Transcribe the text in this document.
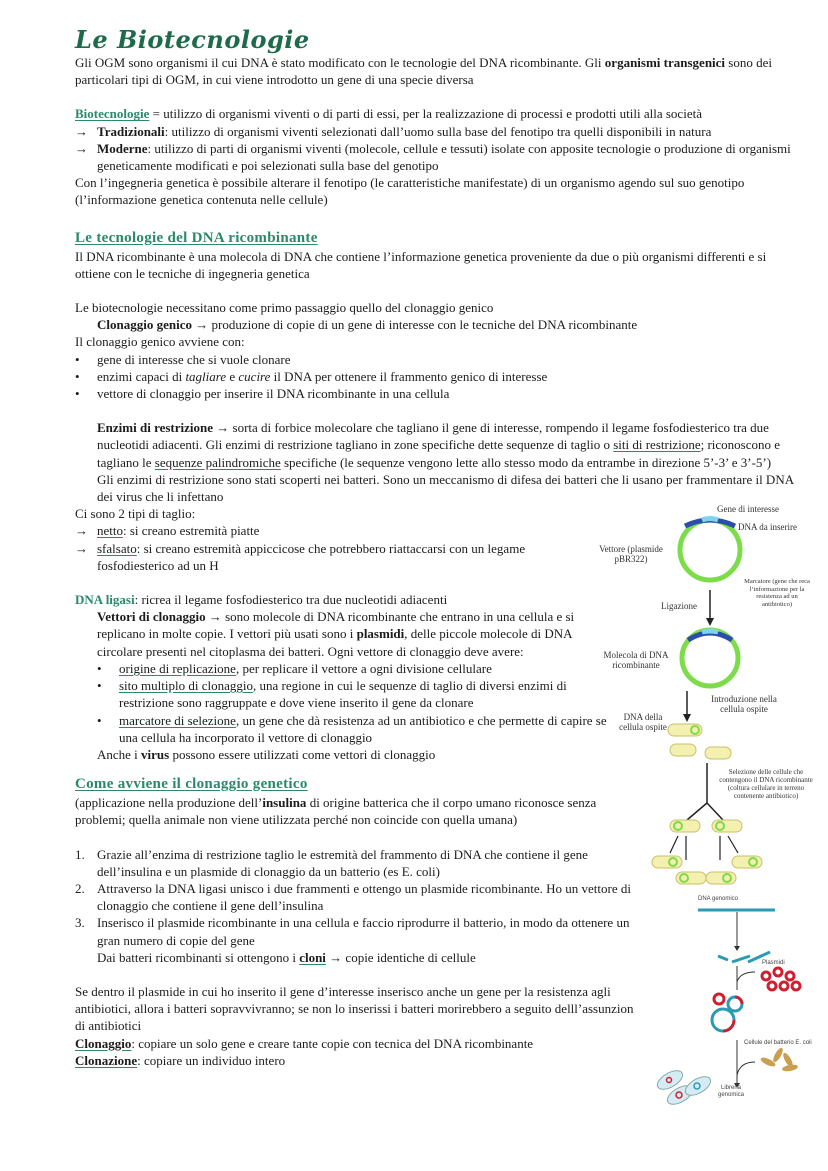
Le Biotecnologie

Gli OGM sono organismi il cui DNA è stato modificato con le tecnologie del DNA ricombinante. Gli organismi transgenici sono dei particolari tipi di OGM, in cui viene introdotto un gene di una specie diversa

Biotecnologie = utilizzo di organismi viventi o di parti di essi, per la realizzazione di processi e prodotti utili alla società

→ Tradizionali: utilizzo di organismi viventi selezionati dall’uomo sulla base del fenotipo tra quelli disponibili in natura
→ Moderne: utilizzo di parti di organismi viventi (molecole, cellule e tessuti) isolate con apposite tecnologie o produzione di organismi geneticamente modificati e poi selezionati sulla base del genotipo

Con l’ingegneria genetica è possibile alterare il fenotipo (le caratteristiche manifestate) di un organismo agendo sul suo genotipo (l’informazione genetica contenuta nelle cellule)

Le tecnologie del DNA ricombinante

Il DNA ricombinante è una molecola di DNA che contiene l’informazione genetica proveniente da due o più organismi differenti e si ottiene con le tecniche di ingegneria genetica

Le biotecnologie necessitano come primo passaggio quello del clonaggio genico

Clonaggio genico → produzione di copie di un gene di interesse con le tecniche del DNA ricombinante

Il clonaggio genico avviene con:

•	gene di interesse che si vuole clonare
•	enzimi capaci di tagliare e cucire il DNA per ottenere il frammento genico di interesse
•	vettore di clonaggio per inserire il DNA ricombinante in una cellula

Enzimi di restrizione → sorta di forbice molecolare che tagliano il gene di interesse, rompendo il legame fosfodiesterico tra due nucleotidi adiacenti. Gli enzimi di restrizione tagliano in zone specifiche dette sequenze di taglio o siti di restrizione; riconoscono e tagliano le sequenze palindromiche specifiche (le sequenze vengono lette allo stesso modo da entrambe in direzione 5’-3’ e 3’-5’)

Gli enzimi di restrizione sono stati scoperti nei batteri. Sono un meccanismo di difesa dei batteri che li usano per frammentare il DNA dei virus che li infettano

Ci sono 2 tipi di taglio:

→ netto: si creano estremità piatte
→ sfalsato: si creano estremità appiccicose che potrebbero riattaccarsi con un legame fosfodiesterico ad un H

DNA ligasi: ricrea il legame fosfodiesterico tra due nucleotidi adiacenti

Vettori di clonaggio → sono molecole di DNA ricombinante che entrano in una cellula e si replicano in molte copie. I vettori più usati sono i plasmidi, delle piccole molecole di DNA circolare presenti nel citoplasma dei batteri. Ogni vettore di clonaggio deve avere:

•	origine di replicazione, per replicare il vettore a ogni divisione cellulare
•	sito multiplo di clonaggio, una regione in cui le sequenze di taglio di diversi enzimi di restrizione sono raggruppate e dove viene inserito il gene da clonare
•	marcatore di selezione, un gene che dà resistenza ad un antibiotico e che permette di capire se una cellula ha incorporato il vettore di clonaggio

Anche i virus possono essere utilizzati come vettori di clonaggio

Come avviene il clonaggio genetico

(applicazione nella produzione dell’insulina di origine batterica che il corpo umano riconosce senza problemi; quella animale non viene utilizzata perché non coincide con quella umana)

1. Grazie all’enzima di restrizione taglio le estremità del frammento di DNA che contiene il gene dell’insulina e un plasmide di clonaggio da un batterio (es E. coli)
2. Attraverso la DNA ligasi unisco i due frammenti e ottengo un plasmide ricombinante. Ho un vettore di clonaggio che contiene il gene dell’insulina
3. Inserisco il plasmide ricombinante in una cellula e faccio riprodurre il batterio, in modo da ottenere un gran numero di copie del gene

Dai batteri ricombinanti si ottengono i cloni → copie identiche di cellule

Se dentro il plasmide in cui ho inserito il gene d’interesse inserisco anche un gene per la resistenza agli antibiotici, allora i batteri sopravvivranno; se non lo inserissi i batteri morirebbero a seguito delll’assunzion di antibiotici

Clonaggio: copiare un solo gene e creare tante copie con tecnica del DNA ricombinante

Clonazione: copiare un individuo intero

Gene di interesse
DNA da inserire
Vettore (plasmide pBR322)
Ligazione
Marcatore (gene che reca l’informazione per la resistenza ad un antibiotico)
Molecola di DNA ricombinante
Introduzione nella cellula ospite
DNA della cellula ospite
Selezione delle cellule che contengono il DNA ricombinante (coltura cellulare in terreno contenente antibiotico)
DNA genomico
Plasmidi
Cellule del batterio E. coli
Libreria genomica
